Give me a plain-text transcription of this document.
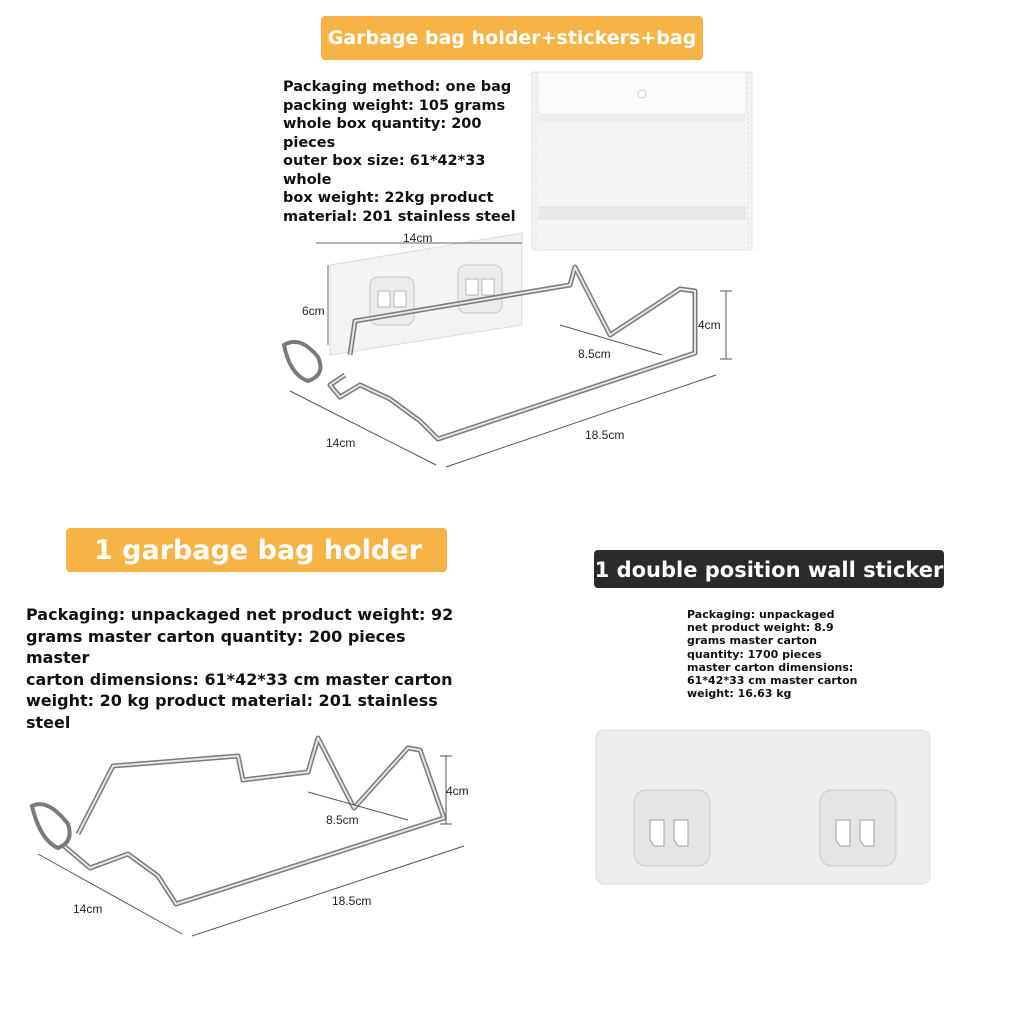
Garbage bag holder+stickers+bag

Packaging method: one bag
packing weight: 105 grams
whole box quantity: 200 pieces
outer box size: 61*42*33 whole
box weight: 22kg product
material: 201 stainless steel

14cm
6cm
4cm
8.5cm
14cm
18.5cm
1 garbage bag holder

Packaging: unpackaged net product weight: 92
grams master carton quantity: 200 pieces master
carton dimensions: 61*42*33 cm master carton
weight: 20 kg product material: 201 stainless steel

4cm
8.5cm
14cm
18.5cm
1 double position wall sticker

Packaging: unpackaged
net product weight: 8.9
grams master carton
quantity: 1700 pieces
master carton dimensions:
61*42*33 cm master carton
weight: 16.63 kg
